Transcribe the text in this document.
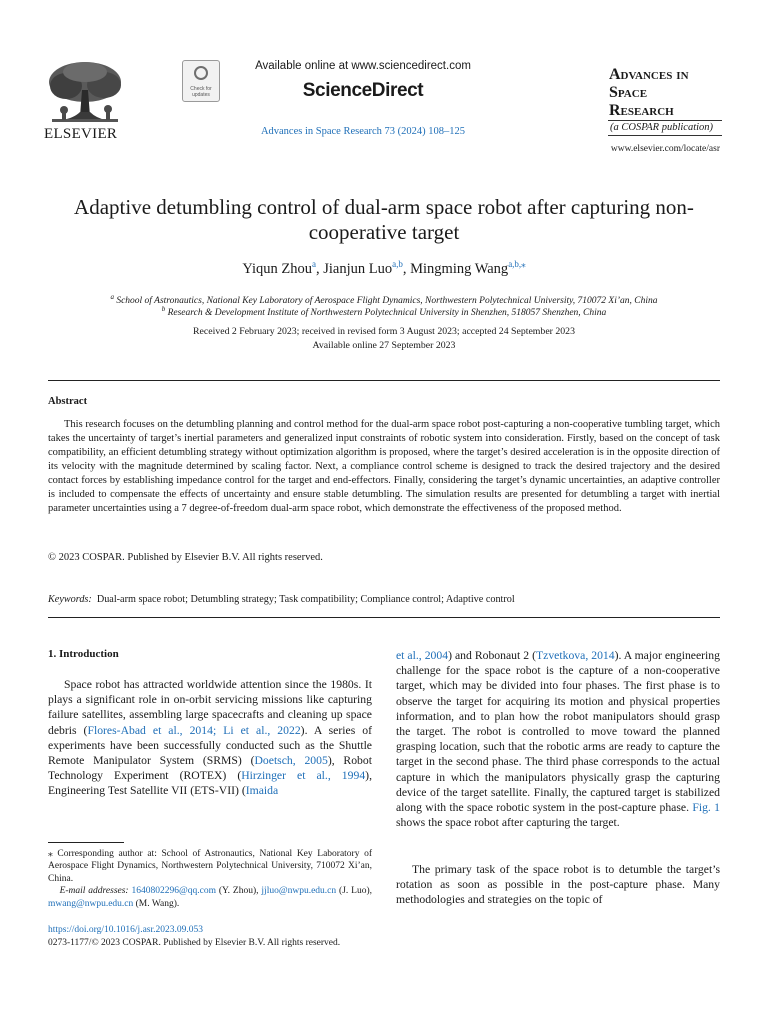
ELSEVIER
Check for updates
Available online at www.sciencedirect.com
ScienceDirect
Advances in Space Research 73 (2024) 108–125
Advances in
Space
Research
(a COSPAR publication)
www.elsevier.com/locate/asr
Adaptive detumbling control of dual-arm space robot after capturing non-cooperative target
Yiqun Zhou$^a$, Jianjun Luo$^{a,b}$, Mingming Wang$^{a,b,⁎}$
$^a$ School of Astronautics, National Key Laboratory of Aerospace Flight Dynamics, Northwestern Polytechnical University, 710072 Xi’an, China
$^b$ Research & Development Institute of Northwestern Polytechnical University in Shenzhen, 518057 Shenzhen, China
Received 2 February 2023; received in revised form 3 August 2023; accepted 24 September 2023
Available online 27 September 2023
Abstract

This research focuses on the detumbling planning and control method for the dual-arm space robot post-capturing a non-cooperative tumbling target, which takes the uncertainty of target’s inertial parameters and generalized input constraints of robotic system into consideration. Firstly, based on the concept of task compatibility, an efficient detumbling strategy without optimization algorithm is proposed, where the target’s desired acceleration is in the opposite direction of its velocity with the magnitude determined by scaling factor. Next, a compliance control scheme is designed to track the desired trajectory and the desired contact forces by establishing impedance control for the target and end-effectors. Finally, considering the target’s dynamic uncertainties, an adaptive controller is included to compensate the effects of uncertainty and ensure stable detumbling. The simulation results are presented for detumbling a target with inertial parameter uncertainties using a 7 degree-of-freedom dual-arm space robot, which demonstrate the effectiveness of the proposed method.

© 2023 COSPAR. Published by Elsevier B.V. All rights reserved.
Keywords: Dual-arm space robot; Detumbling strategy; Task compatibility; Compliance control; Adaptive control
1. Introduction

Space robot has attracted worldwide attention since the 1980s. It plays a significant role in on-orbit servicing missions like capturing failure satellites, assembling large spacecrafts and cleaning up space debris (Flores-Abad et al., 2014; Li et al., 2022). A series of experiments have been successfully conducted such as the Shuttle Remote Manipulator System (SRMS) (Doetsch, 2005), Robot Technology Experiment (ROTEX) (Hirzinger et al., 1994), Engineering Test Satellite VII (ETS-VII) (Imaida

et al., 2004) and Robonaut 2 (Tzvetkova, 2014). A major engineering challenge for the space robot is the capture of a non-cooperative target, which may be divided into four phases. The first phase is to observe the target for acquiring its motion and physical properties information, and to plan how the robot manipulators should grasp the target. The robot is controlled to move toward the planned grasping location, such that the robotic arms are ready to capture the target in the second phase. The third phase corresponds to the actual capture in which the manipulators physically grasp the capturing device of the target satellite. Finally, the captured target is stabilized along with the space robotic system in the post-capture phase. Fig. 1 shows the space robot after capturing the target.

The primary task of the space robot is to detumble the target’s rotation as soon as possible in the post-capture phase. Many methodologies and strategies on the topic of

⁎ Corresponding author at: School of Astronautics, National Key Laboratory of Aerospace Flight Dynamics, Northwestern Polytechnical University, 710072 Xi’an, China.
E-mail addresses: 1640802296@qq.com (Y. Zhou), jjluo@nwpu.edu.cn (J. Luo), mwang@nwpu.edu.cn (M. Wang).
https://doi.org/10.1016/j.asr.2023.09.053
0273-1177/© 2023 COSPAR. Published by Elsevier B.V. All rights reserved.
